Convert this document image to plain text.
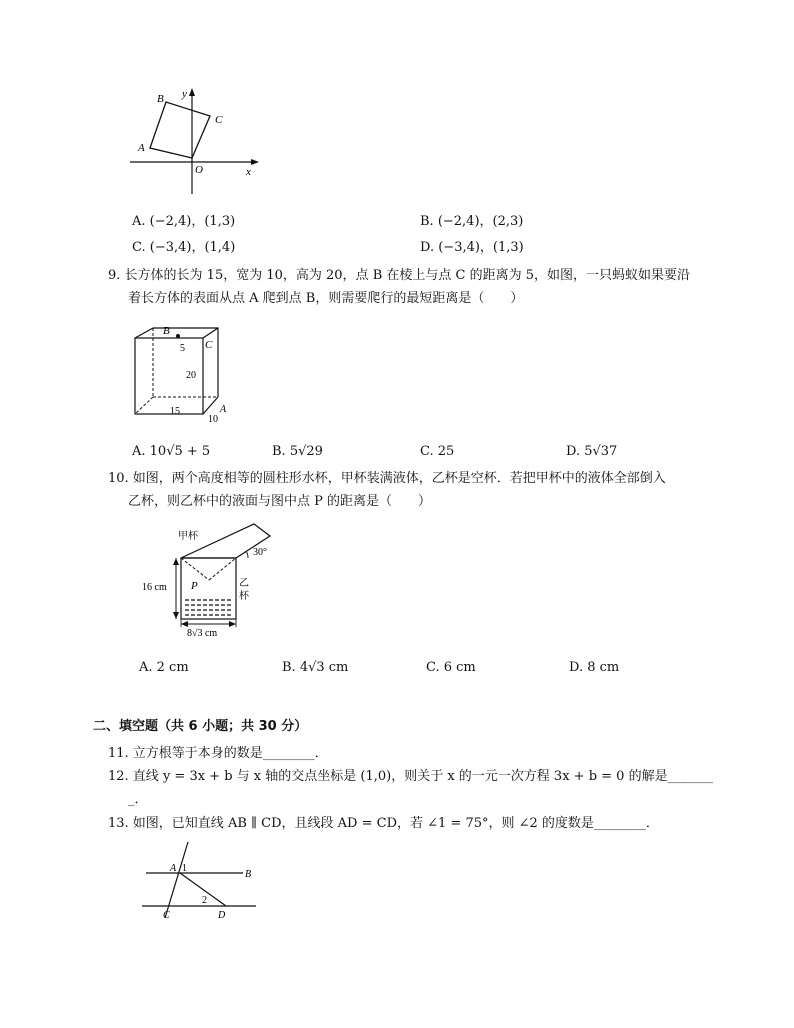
y
B
C
A
O	x
A. (−2,4)，(1,3)	B. (−2,4)，(2,3)
C. (−3,4)，(1,4)	D. (−3,4)，(1,3)
9. 长方体的长为 15，宽为 10，高为 20，点 B 在棱上与点 C 的距离为 5，如图，一只蚂蚁如果要沿
着长方体的表面从点 A 爬到点 B，则需要爬行的最短距离是（　　）
B
5 C
20
15	A
10
A. 10√5 + 5	B. 5√29	C. 25	D. 5√37
10. 如图，两个高度相等的圆柱形水杯，甲杯装满液体，乙杯是空杯．若把甲杯中的液体全部倒入
乙杯，则乙杯中的液面与图中点 P 的距离是（　　）
甲杯
30°
P
16 cm	乙
杯
8√3 cm
A. 2 cm	B. 4√3 cm	C. 6 cm	D. 8 cm
二、填空题（共 6 小题；共 30 分）
11. 立方根等于本身的数是________．
12. 直线 y = 3x + b 与 x 轴的交点坐标是 (1,0)，则关于 x 的一元一次方程 3x + b = 0 的解是_______
_．
13. 如图，已知直线 AB ∥ CD，且线段 AD = CD，若 ∠1 = 75°，则 ∠2 的度数是________．
A 1
B
2
C	D
